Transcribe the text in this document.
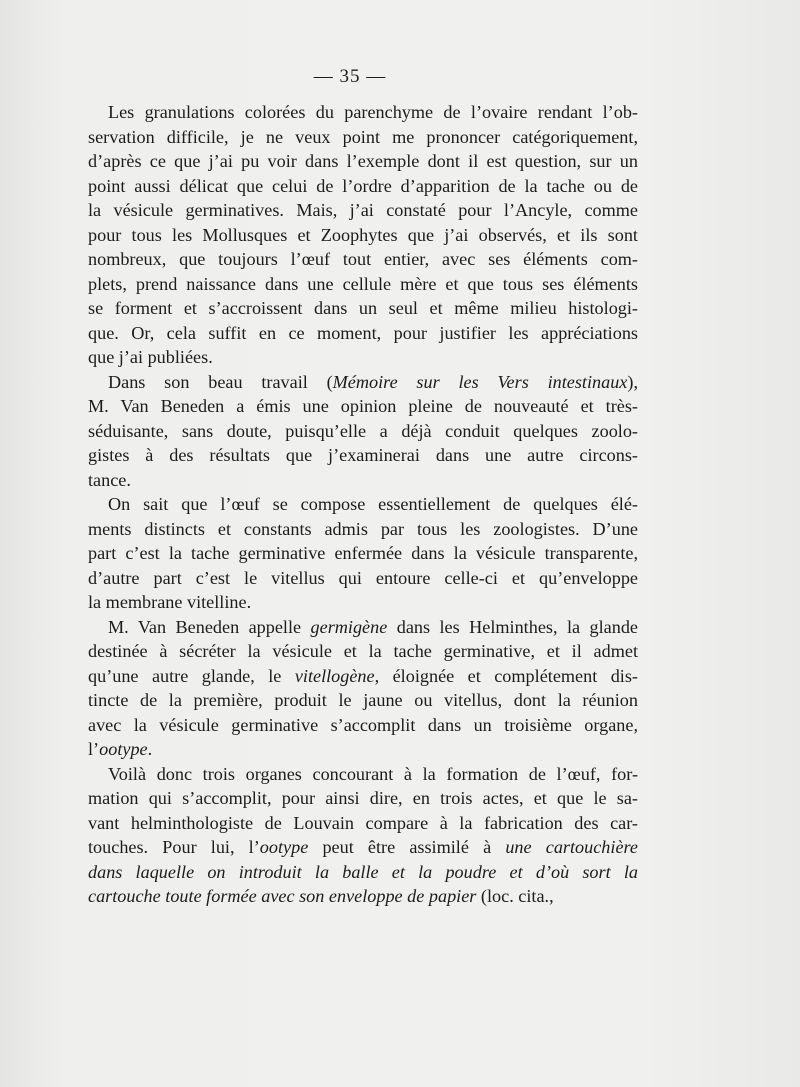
— 35 —
Les granulations colorées du parenchyme de l’ovaire rendant l’ob-
servation difficile, je ne veux point me prononcer catégoriquement,
d’après ce que j’ai pu voir dans l’exemple dont il est question, sur un
point aussi délicat que celui de l’ordre d’apparition de la tache ou de
la vésicule germinatives. Mais, j’ai constaté pour l’Ancyle, comme
pour tous les Mollusques et Zoophytes que j’ai observés, et ils sont
nombreux, que toujours l’œuf tout entier, avec ses éléments com-
plets, prend naissance dans une cellule mère et que tous ses éléments
se forment et s’accroissent dans un seul et même milieu histologi-
que. Or, cela suffit en ce moment, pour justifier les appréciations
que j’ai publiées.
Dans son beau travail (Mémoire sur les Vers intestinaux),
M. Van Beneden a émis une opinion pleine de nouveauté et très-
séduisante, sans doute, puisqu’elle a déjà conduit quelques zoolo-
gistes à des résultats que j’examinerai dans une autre circons-
tance.
On sait que l’œuf se compose essentiellement de quelques élé-
ments distincts et constants admis par tous les zoologistes. D’une
part c’est la tache germinative enfermée dans la vésicule transparente,
d’autre part c’est le vitellus qui entoure celle-ci et qu’enveloppe
la membrane vitelline.
M. Van Beneden appelle germigène dans les Helminthes, la glande
destinée à sécréter la vésicule et la tache germinative, et il admet
qu’une autre glande, le vitellogène, éloignée et complétement dis-
tincte de la première, produit le jaune ou vitellus, dont la réunion
avec la vésicule germinative s’accomplit dans un troisième organe,
l’ootype.
Voilà donc trois organes concourant à la formation de l’œuf, for-
mation qui s’accomplit, pour ainsi dire, en trois actes, et que le sa-
vant helminthologiste de Louvain compare à la fabrication des car-
touches. Pour lui, l’ootype peut être assimilé à une cartouchière
dans laquelle on introduit la balle et la poudre et d’où sort la
cartouche toute formée avec son enveloppe de papier (loc. cita.,
